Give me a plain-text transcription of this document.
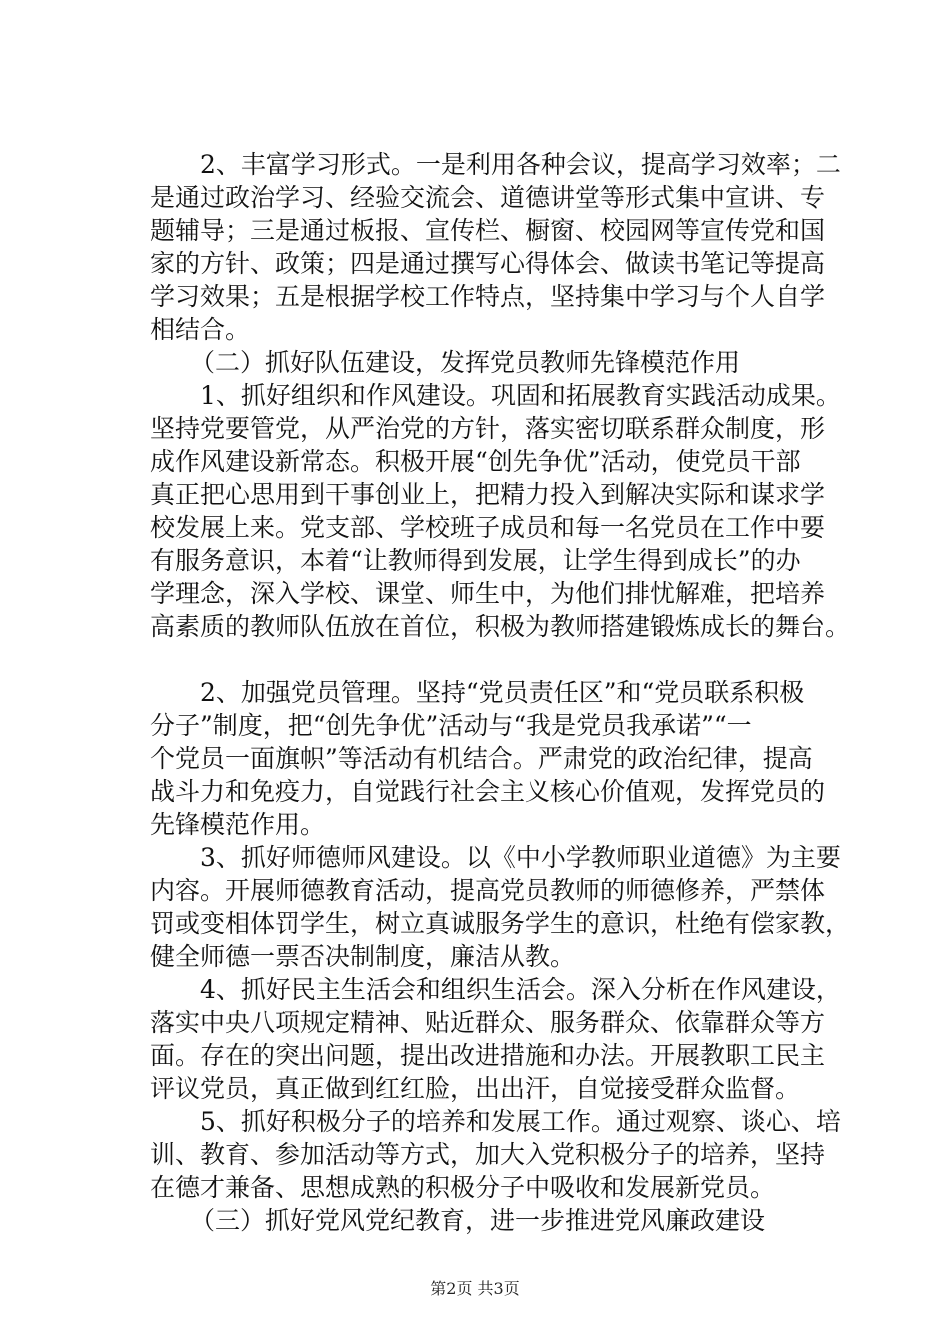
2、丰富学习形式。一是利用各种会议，提高学习效率；二
是通过政治学习、经验交流会、道德讲堂等形式集中宣讲、专
题辅导；三是通过板报、宣传栏、橱窗、校园网等宣传党和国
家的方针、政策；四是通过撰写心得体会、做读书笔记等提高
学习效果；五是根据学校工作特点，坚持集中学习与个人自学
相结合。
（二）抓好队伍建设，发挥党员教师先锋模范作用
1、抓好组织和作风建设。巩固和拓展教育实践活动成果。
坚持党要管党，从严治党的方针，落实密切联系群众制度，形
成作风建设新常态。积极开展“创先争优”活动，使党员干部
真正把心思用到干事创业上，把精力投入到解决实际和谋求学
校发展上来。党支部、学校班子成员和每一名党员在工作中要
有服务意识，本着“让教师得到发展，让学生得到成长”的办
学理念，深入学校、课堂、师生中，为他们排忧解难，把培养
高素质的教师队伍放在首位，积极为教师搭建锻炼成长的舞台。
2、加强党员管理。坚持“党员责任区”和“党员联系积极
分子”制度，把“创先争优”活动与“我是党员我承诺”“一
个党员一面旗帜”等活动有机结合。严肃党的政治纪律，提高
战斗力和免疫力，自觉践行社会主义核心价值观，发挥党员的
先锋模范作用。
3、抓好师德师风建设。以《中小学教师职业道德》为主要
内容。开展师德教育活动，提高党员教师的师德修养，严禁体
罚或变相体罚学生，树立真诚服务学生的意识，杜绝有偿家教，
健全师德一票否决制制度，廉洁从教。
4、抓好民主生活会和组织生活会。深入分析在作风建设，
落实中央八项规定精神、贴近群众、服务群众、依靠群众等方
面。存在的突出问题，提出改进措施和办法。开展教职工民主
评议党员，真正做到红红脸，出出汗，自觉接受群众监督。
5、抓好积极分子的培养和发展工作。通过观察、谈心、培
训、教育、参加活动等方式，加大入党积极分子的培养，坚持
在德才兼备、思想成熟的积极分子中吸收和发展新党员。
（三）抓好党风党纪教育，进一步推进党风廉政建设
第2页 共3页
